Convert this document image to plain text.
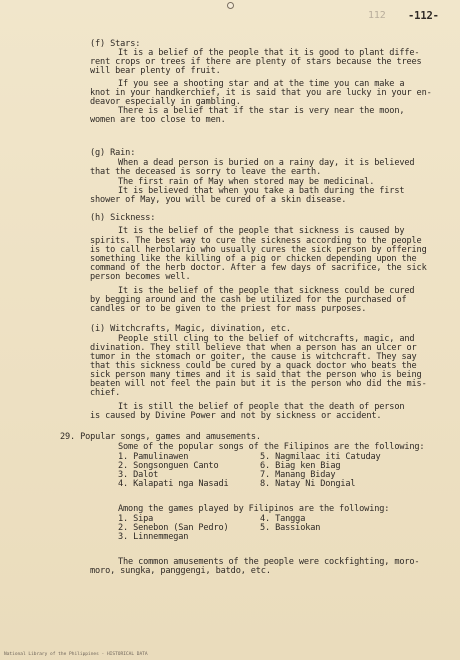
112 -112-
(f) Stars:
It is a belief of the people that it is good to plant diffe-
rent crops or trees if there are plenty of stars because the trees
will bear plenty of fruit.
If you see a shooting star and at the time you can make a
knot in your handkerchief, it is said that you are lucky in your en-
deavor especially in gambling.
There is a belief that if the star is very near the moon,
women are too close to men.
(g) Rain:
When a dead person is buried on a rainy day, it is believed
that the deceased is sorry to leave the earth.
The first rain of May when stored may be medicinal.
It is believed that when you take a bath during the first
shower of May, you will be cured of a skin disease.
(h) Sickness:
It is the belief of the people that sickness is caused by
spirits. The best way to cure the sickness according to the people
is to call herbolario who usually cures the sick person by offering
something like the killing of a pig or chicken depending upon the
command of the herb doctor. After a few days of sacrifice, the sick
person becomes well.
It is the belief of the people that sickness could be cured
by begging around and the cash be utilized for the purchased of
candles or to be given to the priest for mass purposes.
(i) Witchcrafts, Magic, divination, etc.
People still cling to the belief of witchcrafts, magic, and
divination. They still believe that when a person has an ulcer or
tumor in the stomach or goiter, the cause is witchcraft. They say
that this sickness could be cured by a quack doctor who beats the
sick person many times and it is said that the person who is being
beaten will not feel the pain but it is the person who did the mis-
chief.
It is still the belief of people that the death of person
is caused by Divine Power and not by sickness or accident.
29. Popular songs, games and amusements.
Some of the popular songs of the Filipinos are the following:
1. Pamulinawen
2. Songsonguen Canto
3. Dalot
4. Kalapati nga Nasadi
5. Nagmilaac iti Catuday
6. Biag ken Biag
7. Manang Biday
8. Natay Ni Dongial
Among the games played by Filipinos are the following:
1. Sipa
2. Senebon (San Pedro)
3. Linnemmegan
4. Tangga
5. Bassiokan
The common amusements of the people were cockfighting, moro-
moro, sungka, panggengi, batdo, etc.
National Library of the Philippines - HISTORICAL DATA
